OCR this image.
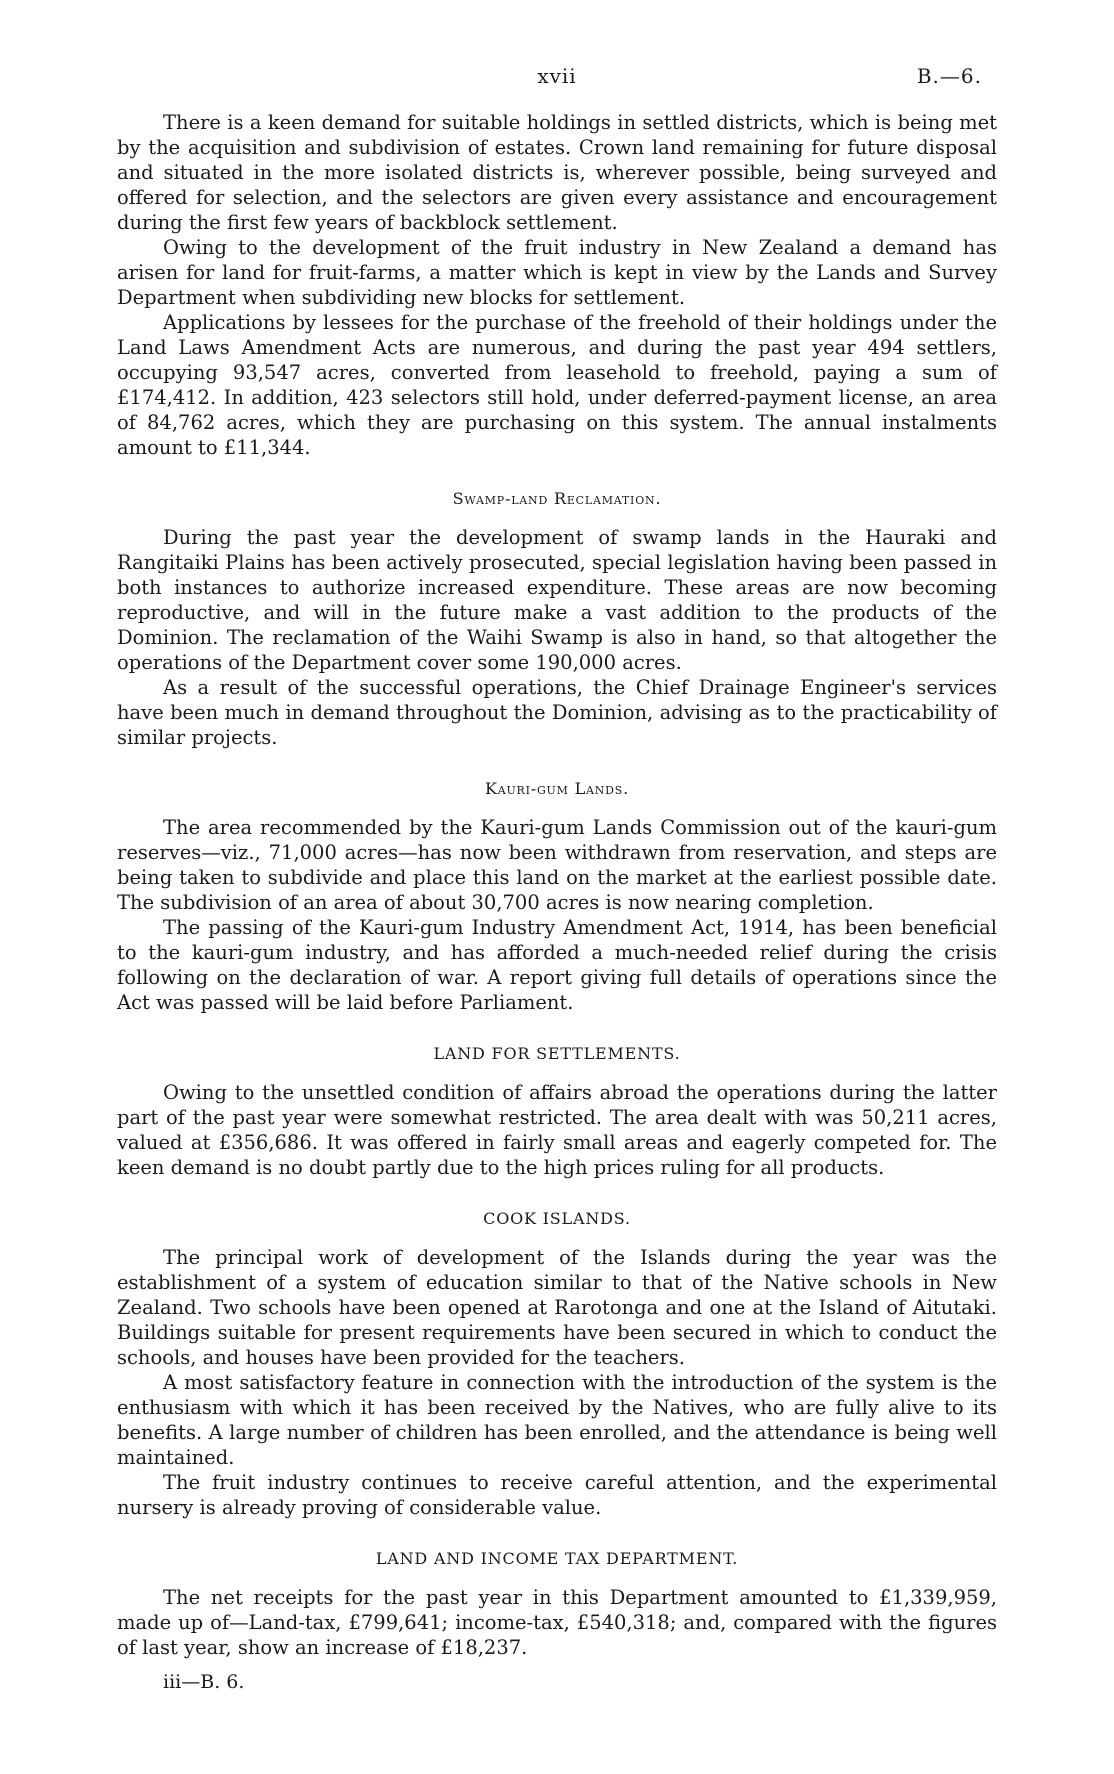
xvii	B.—6.

There is a keen demand for suitable holdings in settled districts, which is being met by the acquisition and subdivision of estates. Crown land remaining for future disposal and situated in the more isolated districts is, wherever possible, being surveyed and offered for selection, and the selectors are given every assistance and encouragement during the first few years of backblock settlement.

Owing to the development of the fruit industry in New Zealand a demand has arisen for land for fruit-farms, a matter which is kept in view by the Lands and Survey Department when subdividing new blocks for settlement.

Applications by lessees for the purchase of the freehold of their holdings under the Land Laws Amendment Acts are numerous, and during the past year 494 settlers, occupying 93,547 acres, converted from leasehold to freehold, paying a sum of £174,412. In addition, 423 selectors still hold, under deferred-payment license, an area of 84,762 acres, which they are purchasing on this system. The annual instalments amount to £11,344.

Swamp-land Reclamation.

During the past year the development of swamp lands in the Hauraki and Rangitaiki Plains has been actively prosecuted, special legislation having been passed in both instances to authorize increased expenditure. These areas are now becoming reproductive, and will in the future make a vast addition to the products of the Dominion. The reclamation of the Waihi Swamp is also in hand, so that altogether the operations of the Department cover some 190,000 acres.

As a result of the successful operations, the Chief Drainage Engineer's services have been much in demand throughout the Dominion, advising as to the practicability of similar projects.

Kauri-gum Lands.

The area recommended by the Kauri-gum Lands Commission out of the kauri-gum reserves—viz., 71,000 acres—has now been withdrawn from reservation, and steps are being taken to subdivide and place this land on the market at the earliest possible date. The subdivision of an area of about 30,700 acres is now nearing completion.

The passing of the Kauri-gum Industry Amendment Act, 1914, has been beneficial to the kauri-gum industry, and has afforded a much-needed relief during the crisis following on the declaration of war. A report giving full details of operations since the Act was passed will be laid before Parliament.

LAND FOR SETTLEMENTS.

Owing to the unsettled condition of affairs abroad the operations during the latter part of the past year were somewhat restricted. The area dealt with was 50,211 acres, valued at £356,686. It was offered in fairly small areas and eagerly competed for. The keen demand is no doubt partly due to the high prices ruling for all products.

COOK ISLANDS.

The principal work of development of the Islands during the year was the establishment of a system of education similar to that of the Native schools in New Zealand. Two schools have been opened at Rarotonga and one at the Island of Aitutaki. Buildings suitable for present requirements have been secured in which to conduct the schools, and houses have been provided for the teachers.

A most satisfactory feature in connection with the introduction of the system is the enthusiasm with which it has been received by the Natives, who are fully alive to its benefits. A large number of children has been enrolled, and the attendance is being well maintained.

The fruit industry continues to receive careful attention, and the experimental nursery is already proving of considerable value.

LAND AND INCOME TAX DEPARTMENT.

The net receipts for the past year in this Department amounted to £1,339,959, made up of—Land-tax, £799,641; income-tax, £540,318; and, compared with the figures of last year, show an increase of £18,237.

iii—B. 6.
